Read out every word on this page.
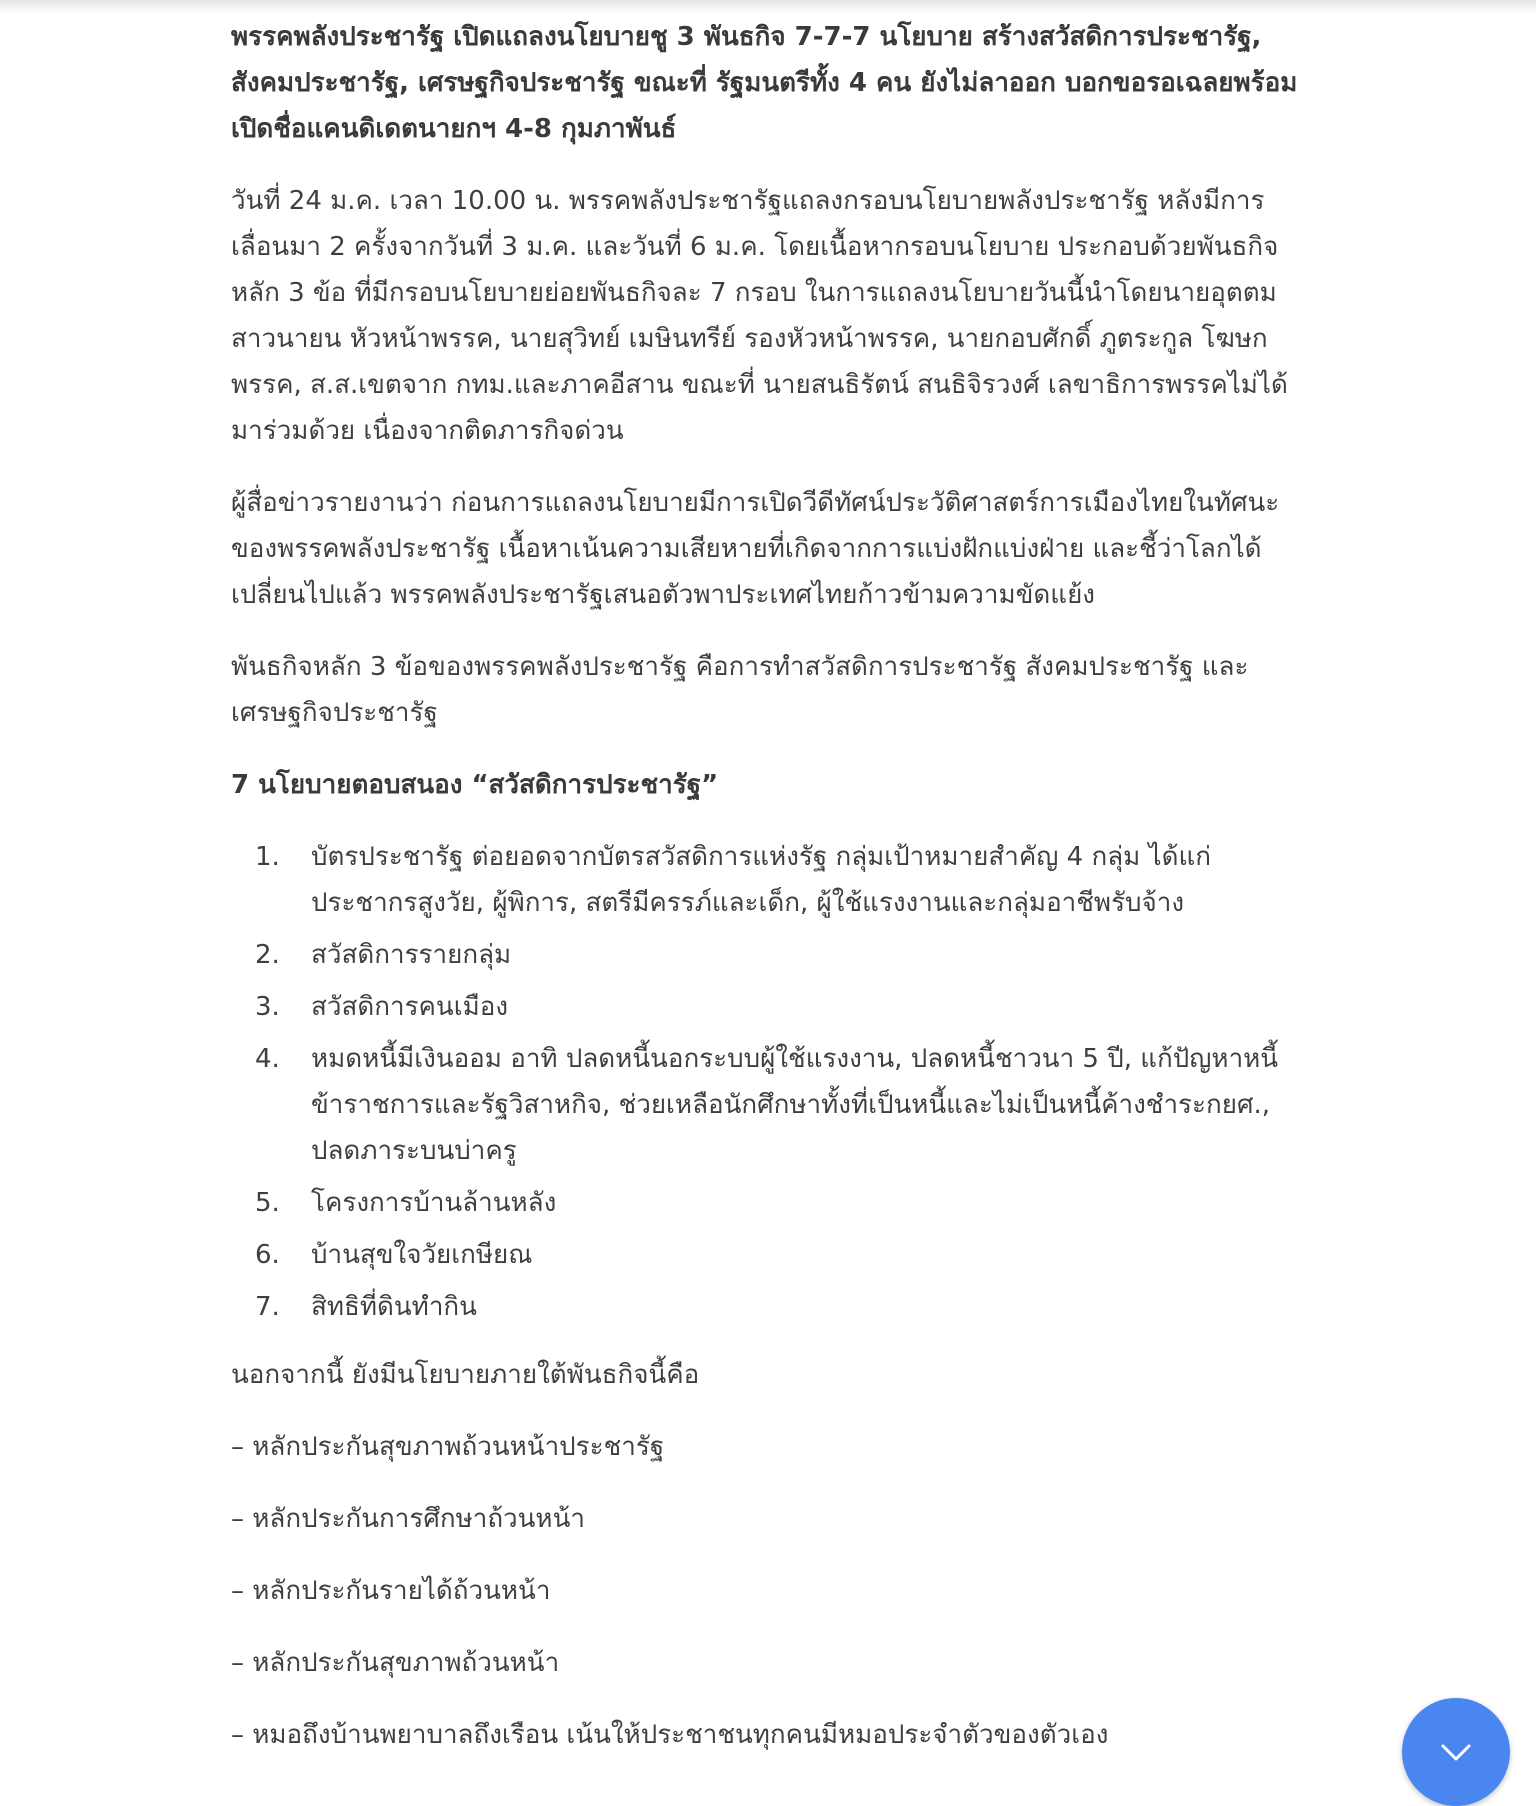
พรรคพลังประชารัฐ เปิดแถลงนโยบายชู 3 พันธกิจ 7-7-7 นโยบาย สร้างสวัสดิการประชารัฐ, สังคมประชารัฐ, เศรษฐกิจประชารัฐ ขณะที่ รัฐมนตรีทั้ง 4 คน ยังไม่ลาออก บอกขอรอเฉลยพร้อมเปิดชื่อแคนดิเดตนายกฯ 4-8 กุมภาพันธ์

วันที่ 24 ม.ค. เวลา 10.00 น. พรรคพลังประชารัฐแถลงกรอบนโยบายพลังประชารัฐ หลังมีการเลื่อนมา 2 ครั้งจากวันที่ 3 ม.ค. และวันที่ 6 ม.ค. โดยเนื้อหากรอบนโยบาย ประกอบด้วยพันธกิจหลัก 3 ข้อ ที่มีกรอบนโยบายย่อยพันธกิจละ 7 กรอบ ในการแถลงนโยบายวันนี้นำโดยนายอุตตม สาวนายน หัวหน้าพรรค, นายสุวิทย์ เมษินทรีย์ รองหัวหน้าพรรค, นายกอบศักดิ์ ภูตระกูล โฆษกพรรค, ส.ส.เขตจาก กทม.และภาคอีสาน ขณะที่ นายสนธิรัตน์ สนธิจิรวงศ์ เลขาธิการพรรคไม่ได้มาร่วมด้วย เนื่องจากติดภารกิจด่วน

ผู้สื่อข่าวรายงานว่า ก่อนการแถลงนโยบายมีการเปิดวีดีทัศน์ประวัติศาสตร์การเมืองไทยในทัศนะของพรรคพลังประชารัฐ เนื้อหาเน้นความเสียหายที่เกิดจากการแบ่งฝักแบ่งฝ่าย และชี้ว่าโลกได้เปลี่ยนไปแล้ว พรรคพลังประชารัฐเสนอตัวพาประเทศไทยก้าวข้ามความขัดแย้ง

พันธกิจหลัก 3 ข้อของพรรคพลังประชารัฐ คือการทำสวัสดิการประชารัฐ สังคมประชารัฐ และเศรษฐกิจประชารัฐ

7 นโยบายตอบสนอง “สวัสดิการประชารัฐ”

1.	บัตรประชารัฐ ต่อยอดจากบัตรสวัสดิการแห่งรัฐ กลุ่มเป้าหมายสำคัญ 4 กลุ่ม ได้แก่ ประชากรสูงวัย, ผู้พิการ, สตรีมีครรภ์และเด็ก, ผู้ใช้แรงงานและกลุ่มอาชีพรับจ้าง
2.	สวัสดิการรายกลุ่ม
3.	สวัสดิการคนเมือง
4.	หมดหนี้มีเงินออม อาทิ ปลดหนี้นอกระบบผู้ใช้แรงงาน, ปลดหนี้ชาวนา 5 ปี, แก้ปัญหาหนี้ข้าราชการและรัฐวิสาหกิจ, ช่วยเหลือนักศึกษาทั้งที่เป็นหนี้และไม่เป็นหนี้ค้างชำระกยศ., ปลดภาระบนบ่าครู
5.	โครงการบ้านล้านหลัง
6.	บ้านสุขใจวัยเกษียณ
7.	สิทธิที่ดินทำกิน

นอกจากนี้ ยังมีนโยบายภายใต้พันธกิจนี้คือ

– หลักประกันสุขภาพถ้วนหน้าประชารัฐ

– หลักประกันการศึกษาถ้วนหน้า

– หลักประกันรายได้ถ้วนหน้า

– หลักประกันสุขภาพถ้วนหน้า

– หมอถึงบ้านพยาบาลถึงเรือน เน้นให้ประชาชนทุกคนมีหมอประจำตัวของตัวเอง
